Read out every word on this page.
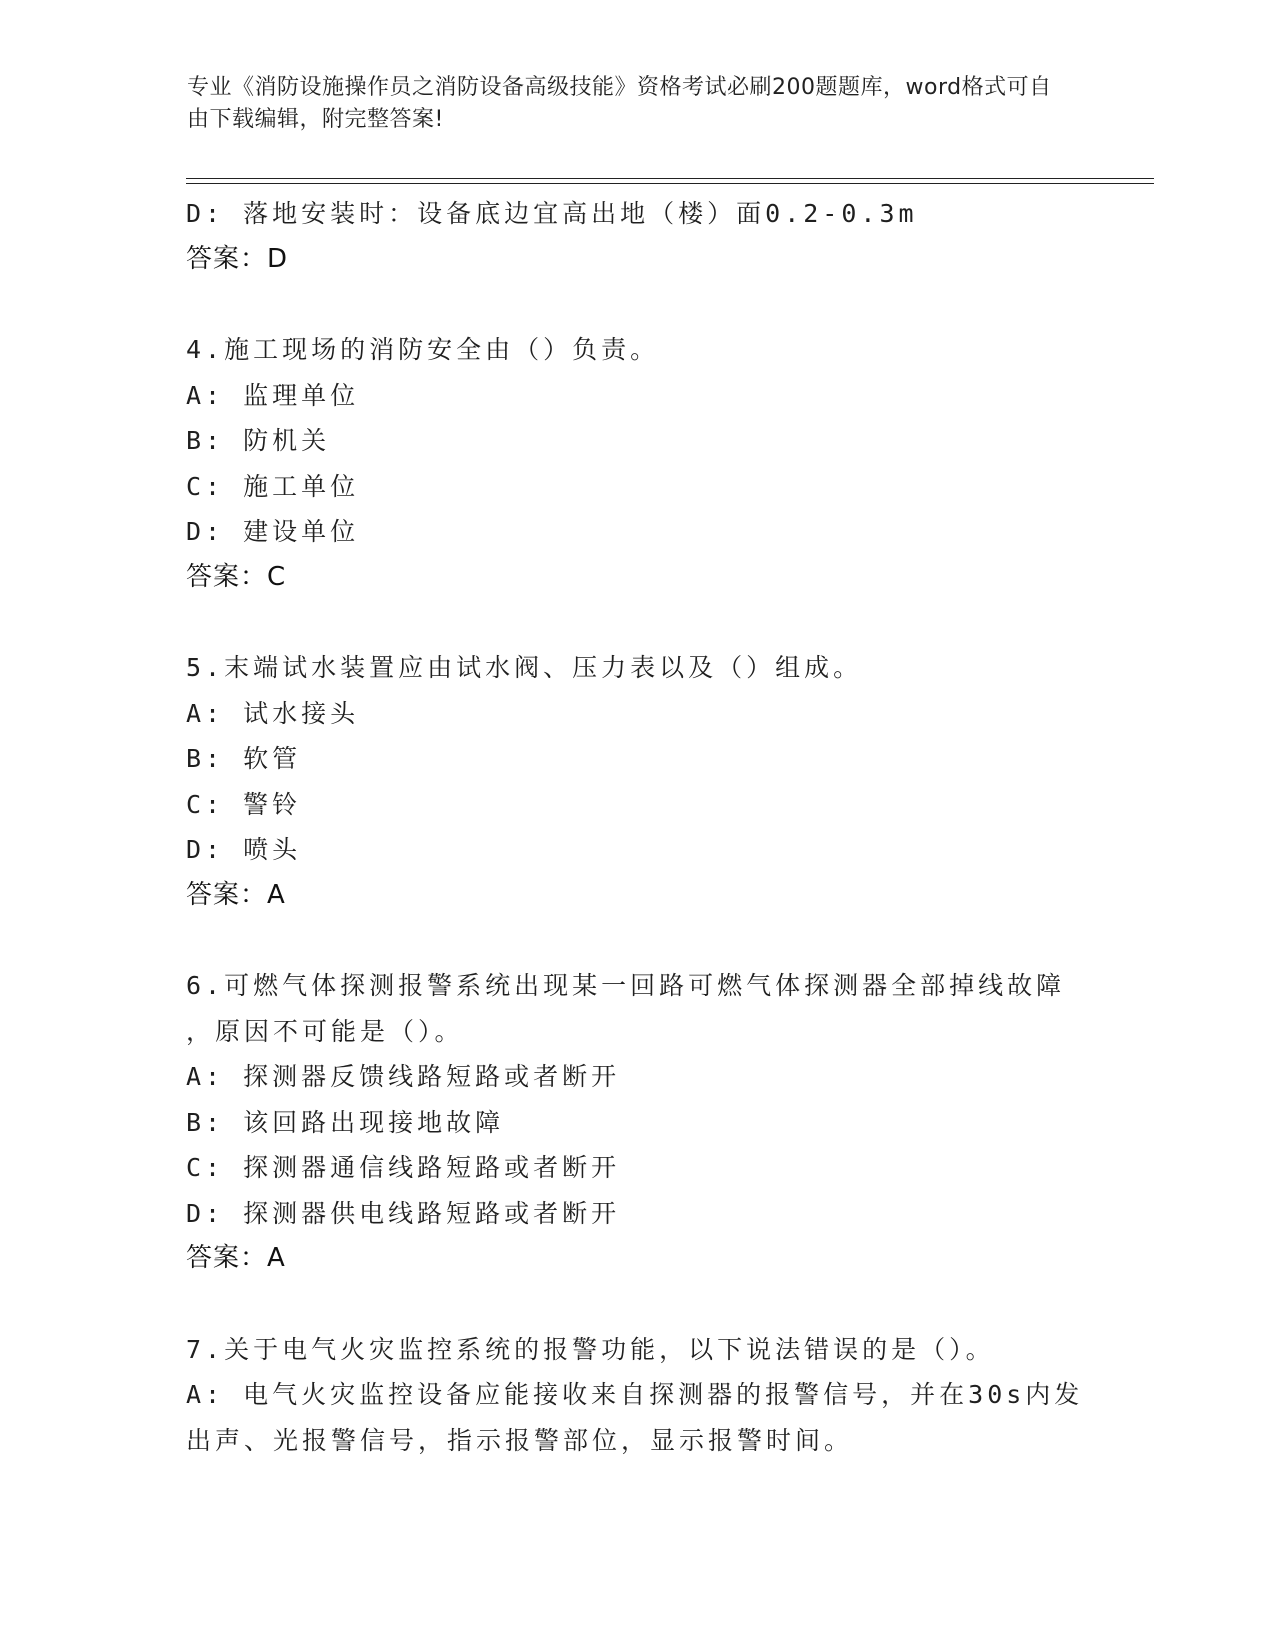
专业《消防设施操作员之消防设备高级技能》资格考试必刷200题题库，word格式可自由下载编辑，附完整答案!
D: 落地安装时：设备底边宜高出地（楼）面0.2-0.3m
答案：D
4.施工现场的消防安全由（）负责。
A: 监理单位
B: 防机关
C: 施工单位
D: 建设单位
答案：C
5.末端试水装置应由试水阀、压力表以及（）组成。
A: 试水接头
B: 软管
C: 警铃
D: 喷头
答案：A
6.可燃气体探测报警系统出现某一回路可燃气体探测器全部掉线故障
，原因不可能是（）。
A: 探测器反馈线路短路或者断开
B: 该回路出现接地故障
C: 探测器通信线路短路或者断开
D: 探测器供电线路短路或者断开
答案：A
7.关于电气火灾监控系统的报警功能，以下说法错误的是（）。
A: 电气火灾监控设备应能接收来自探测器的报警信号，并在30s内发
出声、光报警信号，指示报警部位，显示报警时间。
